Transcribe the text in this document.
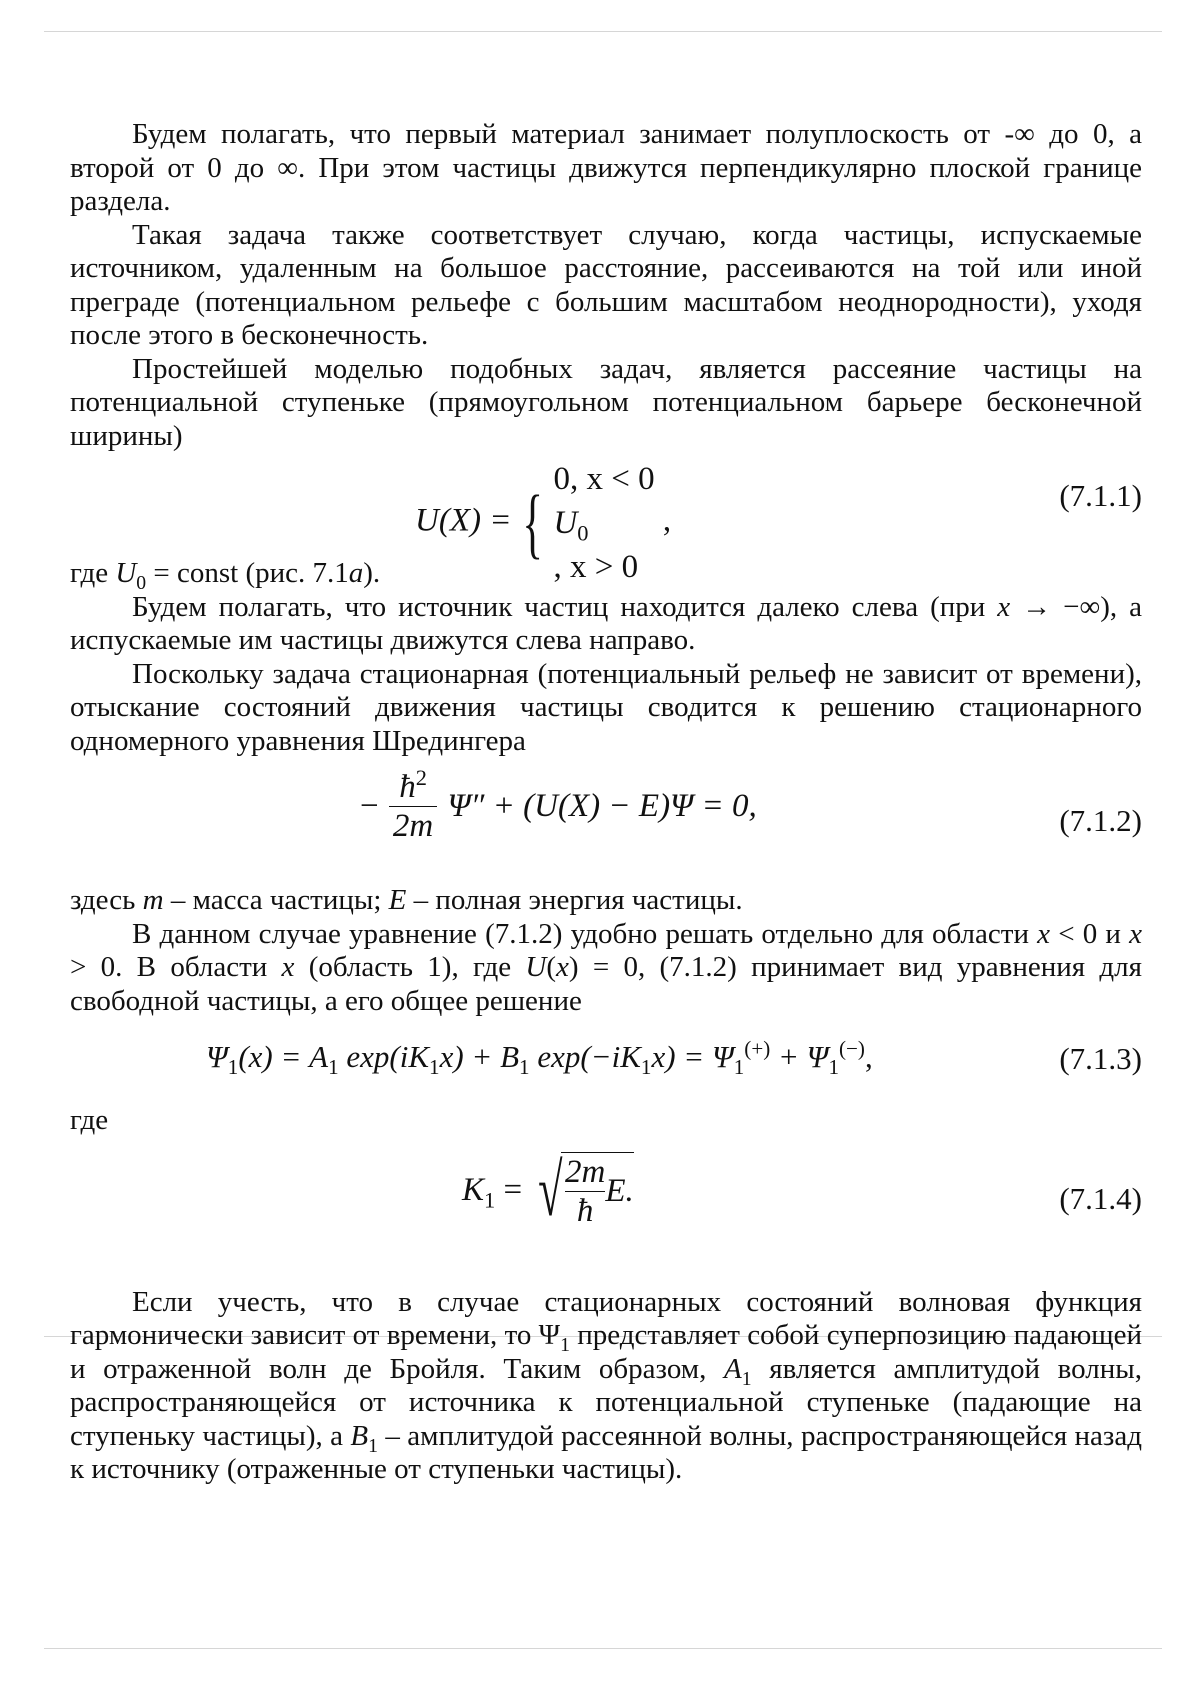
Будем полагать, что первый материал занимает полуплоскость от -∞ до 0, а второй от 0 до ∞. При этом частицы движутся перпендикулярно плоской границе раздела.

Такая задача также соответствует случаю, когда частицы, испускаемые источником, удаленным на большое расстояние, рассеиваются на той или иной преграде (потенциальном рельефе с большим масштабом неоднородности), уходя после этого в бесконечность.

Простейшей моделью подобных задач, является рассеяние частицы на потенциальной ступеньке (прямоугольном потенциальном барьере бесконечной ширины)

U(X) = { 0, x < 0
$U_0$
, x > 0
,
(7.1.1)

где $U_0$ = const (рис. 7.1a).

Будем полагать, что источник частиц находится далеко слева (при x → −∞), а испускаемые им частицы движутся слева направо.

Поскольку задача стационарная (потенциальный рельеф не зависит от времени), отыскание состояний движения частицы сводится к решению стационарного одномерного уравнения Шредингера

− $\frac{ħ^2}{2m} \Psi'' + (U(X) - E)\Psi = 0$,	(7.1.2)

здесь m – масса частицы; E – полная энергия частицы.

В данном случае уравнение (7.1.2) удобно решать отдельно для области x < 0 и x > 0. В области x (область 1), где U(x) = 0, (7.1.2) принимает вид уравнения для свободной частицы, а его общее решение

$\Psi_1(x) = A_1$ $\exp(iK_1x) + B_1$ $\exp(-iK_1x) = \Psi_1^{(+)} + \Psi_1^{(-)}$,	(7.1.3)

где

$K_1$ = √ $\frac{2m}{ħ} E$.	(7.1.4)

Если учесть, что в случае стационарных состояний волновая функция гармонически зависит от времени, то $\Psi_1$ представляет собой суперпозицию падающей и отраженной волн де Бройля. Таким образом, $A_1$ является амплитудой волны, распространяющейся от источника к потенциальной ступеньке (падающие на ступеньку частицы), а $B_1$ – амплитудой рассеянной волны, распространяющейся назад к источнику (отраженные от ступеньки частицы).
